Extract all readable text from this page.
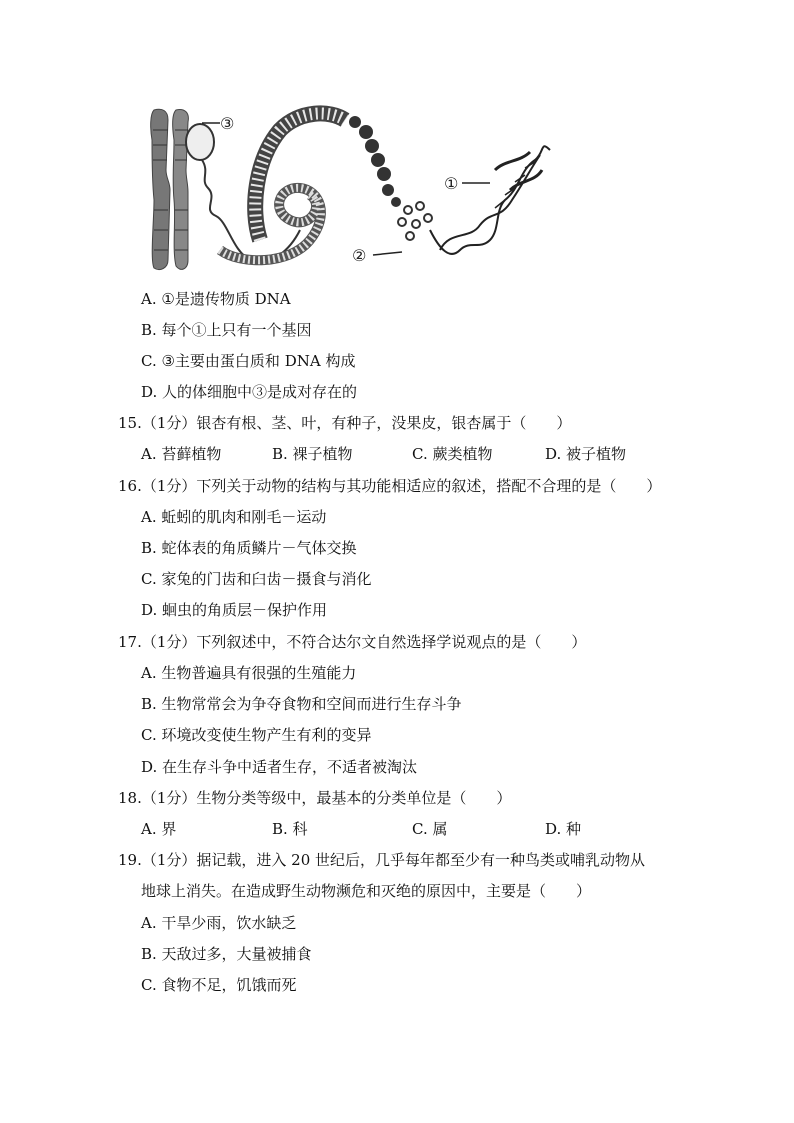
③
①
②
A. ①是遗传物质 DNA
B. 每个①上只有一个基因
C. ③主要由蛋白质和 DNA 构成
D. 人的体细胞中③是成对存在的
15.（1分）银杏有根、茎、叶，有种子，没果皮，银杏属于（　　）
A. 苔藓植物	B. 裸子植物	C. 蕨类植物	D. 被子植物
16.（1分）下列关于动物的结构与其功能相适应的叙述，搭配不合理的是（　　）
A. 蚯蚓的肌肉和刚毛－运动
B. 蛇体表的角质鳞片－气体交换
C. 家兔的门齿和臼齿－摄食与消化
D. 蛔虫的角质层－保护作用
17.（1分）下列叙述中，不符合达尔文自然选择学说观点的是（　　）
A. 生物普遍具有很强的生殖能力
B. 生物常常会为争夺食物和空间而进行生存斗争
C. 环境改变使生物产生有利的变异
D. 在生存斗争中适者生存，不适者被淘汰
18.（1分）生物分类等级中，最基本的分类单位是（　　）
A. 界	B. 科	C. 属	D. 种
19.（1分）据记载，进入 20 世纪后，几乎每年都至少有一种鸟类或哺乳动物从
地球上消失。在造成野生动物濒危和灭绝的原因中，主要是（　　）
A. 干旱少雨，饮水缺乏
B. 天敌过多，大量被捕食
C. 食物不足，饥饿而死
